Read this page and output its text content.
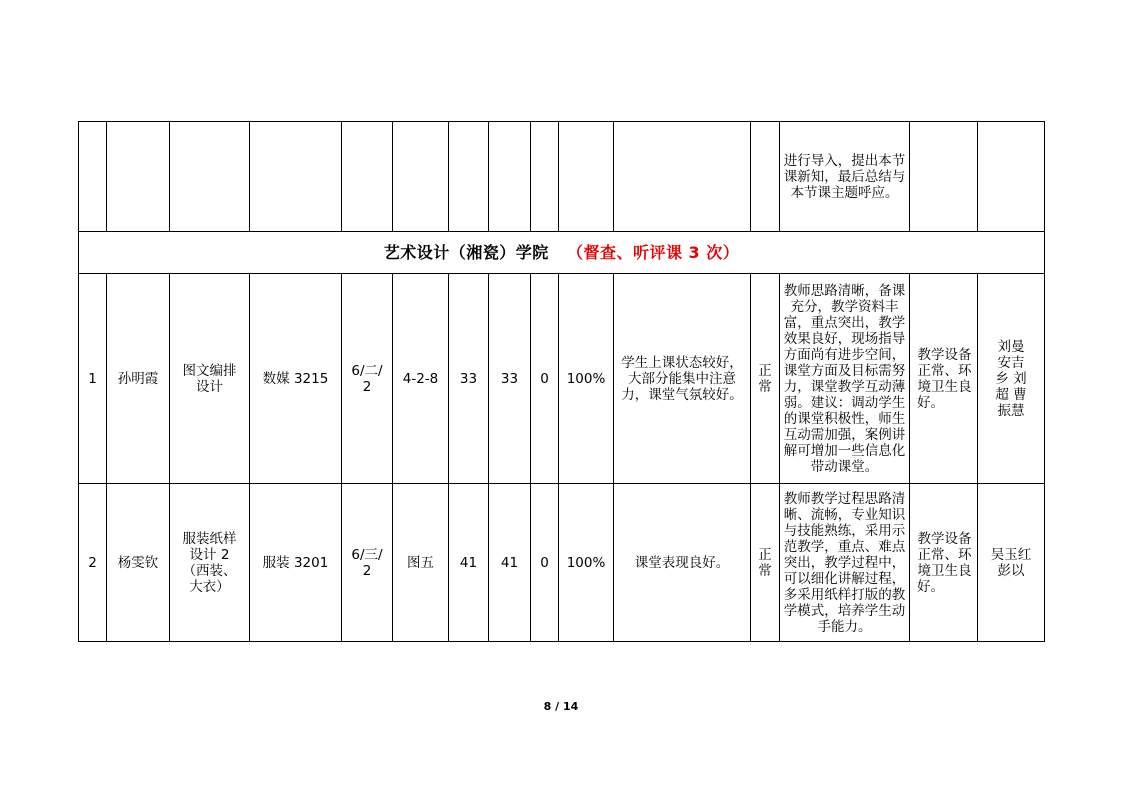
												进行导入，提出本节课新知，最后总结与本节课主题呼应。		
艺术设计（湘瓷）学院 （督查、听评课 3 次）														
1	孙明霞	图文编排设计	数媒 3215	6/二/2	4-2-8	33	33	0	100%	学生上课状态较好，大部分能集中注意力，课堂气氛较好。	正常	教师思路清晰，备课充分，教学资料丰富，重点突出，教学效果良好，现场指导方面尚有进步空间，课堂方面及目标需努力，课堂教学互动薄弱。建议：调动学生的课堂积极性，师生互动需加强，案例讲解可增加一些信息化带动课堂。	教学设备正常、环境卫生良好。	刘曼 安吉乡 刘超 曹振慧
2	杨雯钦	服装纸样设计 2（西装、大衣）	服装 3201	6/三/2	图五	41	41	0	100%	课堂表现良好。	正常	教师教学过程思路清晰、流畅，专业知识与技能熟练，采用示范教学，重点、难点突出，教学过程中，可以细化讲解过程，多采用纸样打版的教学模式，培养学生动手能力。	教学设备正常、环境卫生良好。	吴玉红 彭以
8 / 14
